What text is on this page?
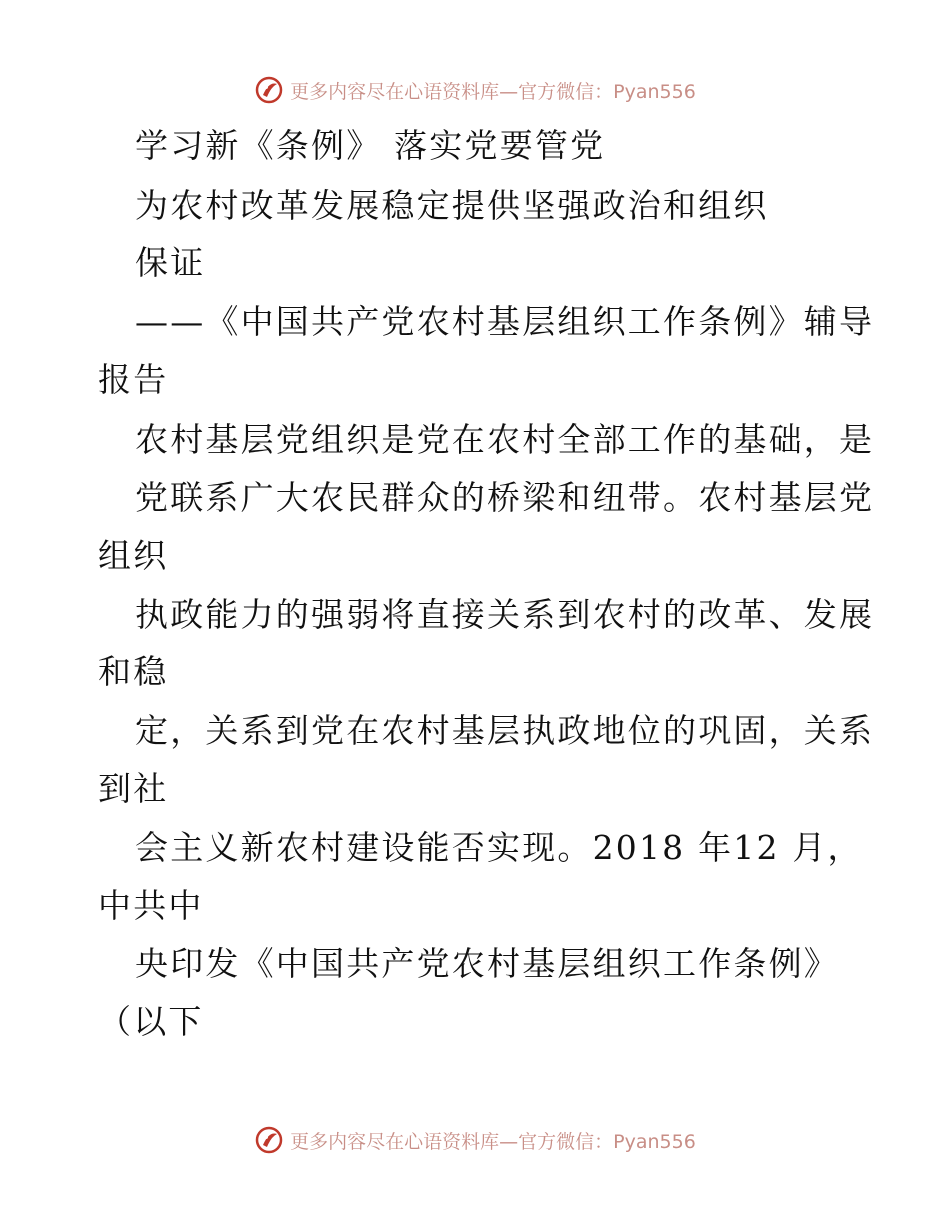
更多内容尽在心语资料库—官方微信：Pyan556
学习新《条例》 落实党要管党
为农村改革发展稳定提供坚强政治和组织
保证
——《中国共产党农村基层组织工作条例》辅导
报告
农村基层党组织是党在农村全部工作的基础，是
党联系广大农民群众的桥梁和纽带。农村基层党
组织
执政能力的强弱将直接关系到农村的改革、发展
和稳
定，关系到党在农村基层执政地位的巩固，关系
到社
会主义新农村建设能否实现。2018 年12 月，
中共中
央印发《中国共产党农村基层组织工作条例》
（以下
更多内容尽在心语资料库—官方微信：Pyan556
